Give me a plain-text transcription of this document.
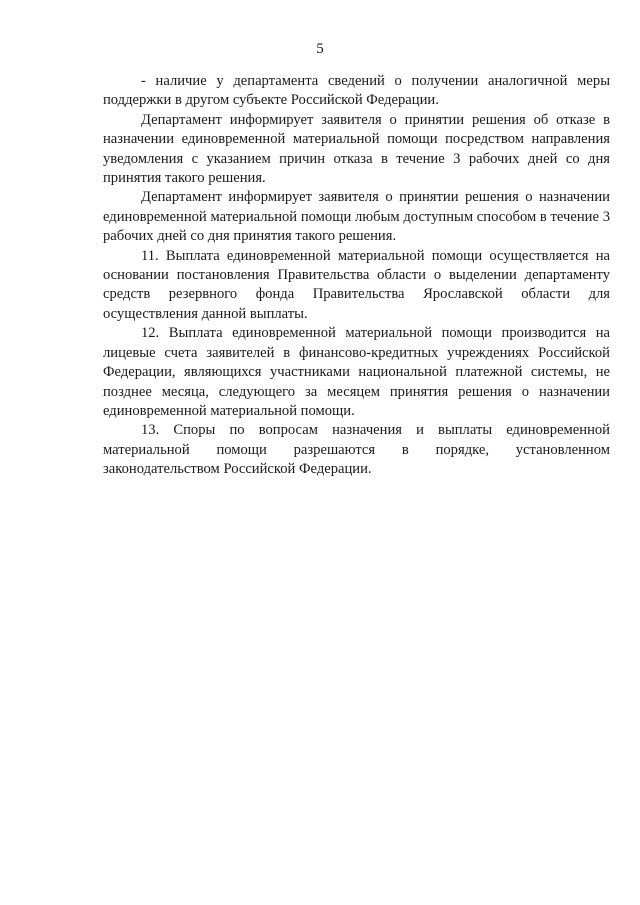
5

- наличие у департамента сведений о получении аналогичной меры поддержки в другом субъекте Российской Федерации.

Департамент информирует заявителя о принятии решения об отказе в назначении единовременной материальной помощи посредством направления уведомления с указанием причин отказа в течение 3 рабочих дней со дня принятия такого решения.

Департамент информирует заявителя о принятии решения о назначении единовременной материальной помощи любым доступным способом в течение 3 рабочих дней со дня принятия такого решения.

11. Выплата единовременной материальной помощи осуществляется на основании постановления Правительства области о выделении департаменту средств резервного фонда Правительства Ярославской области для осуществления данной выплаты.

12. Выплата единовременной материальной помощи производится на лицевые счета заявителей в финансово-кредитных учреждениях Российской Федерации, являющихся участниками национальной платежной системы, не позднее месяца, следующего за месяцем принятия решения о назначении единовременной материальной помощи.

13. Споры по вопросам назначения и выплаты единовременной материальной помощи разрешаются в порядке, установленном законодательством Российской Федерации.
